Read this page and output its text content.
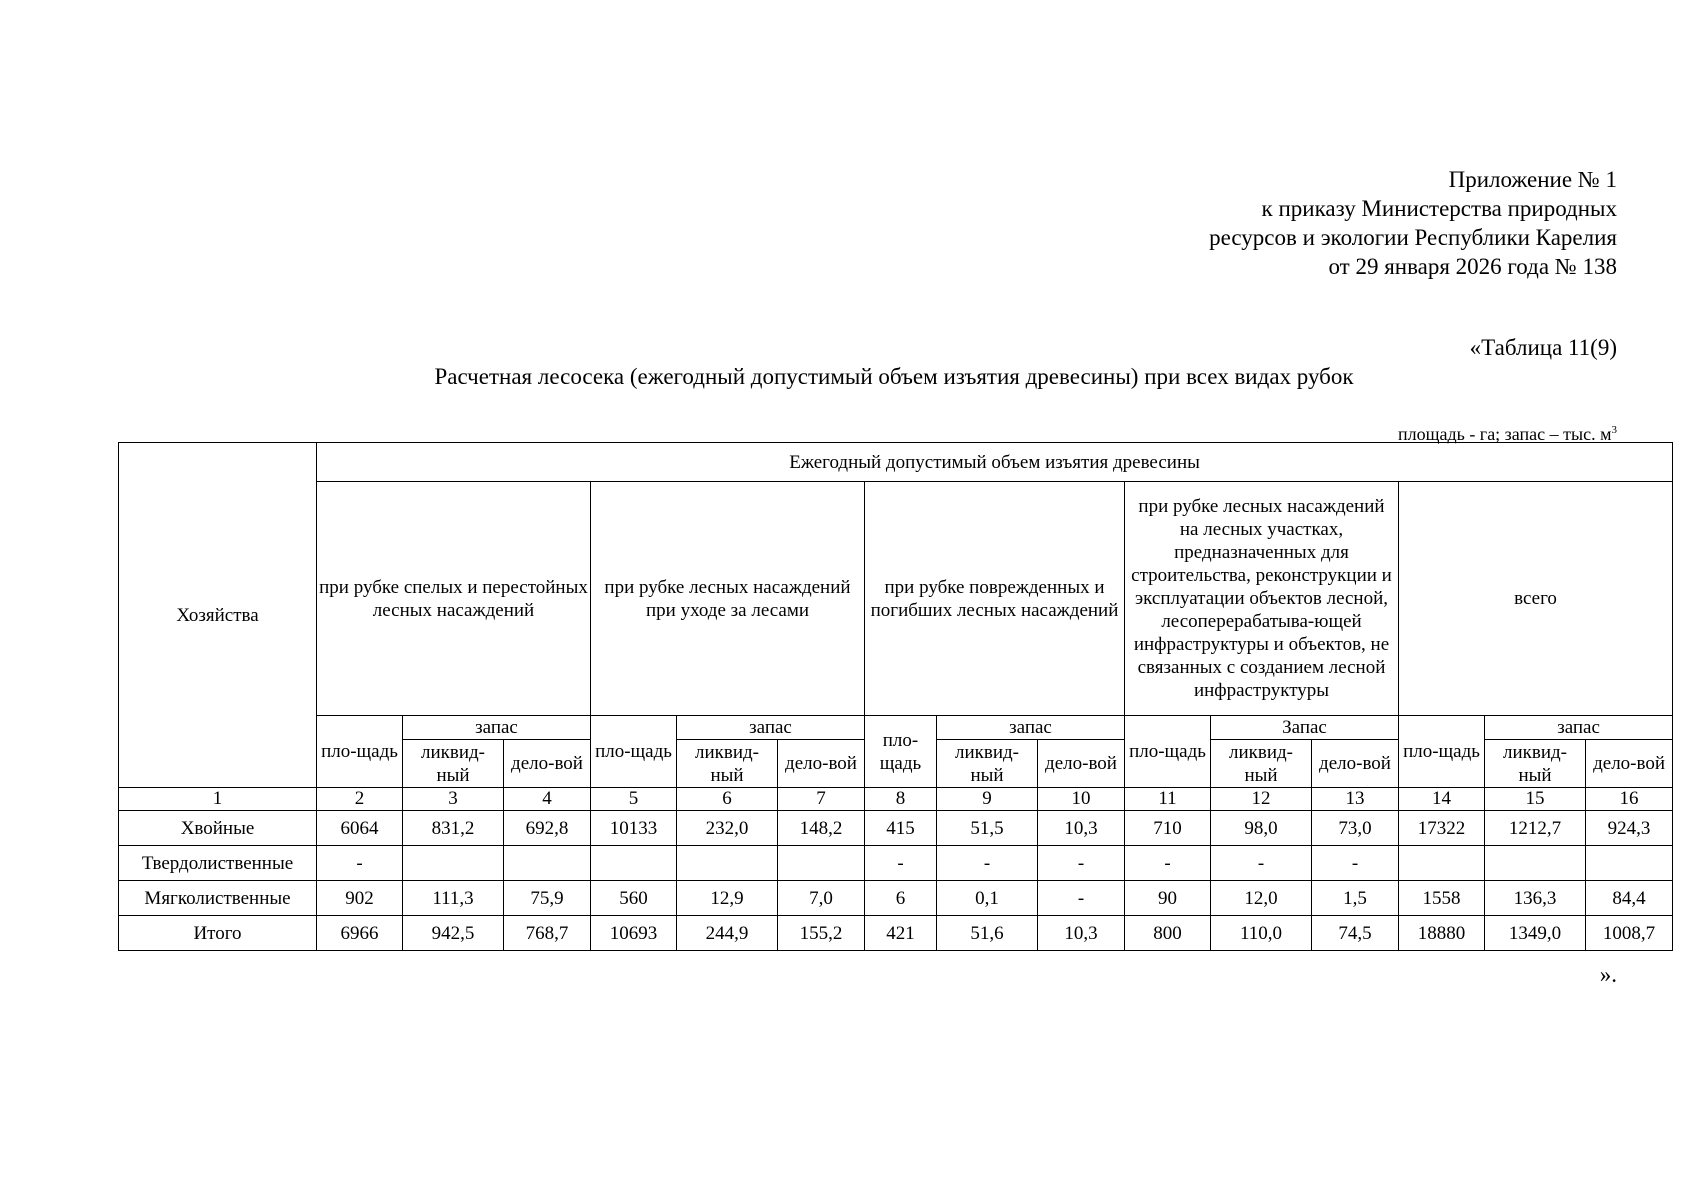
Приложение № 1
к приказу Министерства природных
ресурсов и экологии Республики Карелия
от 29 января 2026 года № 138
«Таблица 11(9)
Расчетная лесосека (ежегодный допустимый объем изъятия древесины) при всех видах рубок
площадь - га; запас – тыс. $м^3$
Хозяйства	Ежегодный допустимый объем изъятия древесины														
	при рубке спелых и перестойных лесных насаждений			при рубке лесных насаждений при уходе за лесами			при рубке поврежденных и погибших лесных насаждений			при рубке лесных насаждений на лесных участках, предназначенных для строительства, реконструкции и эксплуатации объектов лесной, лесоперерабатыва-ющей инфраструктуры и объектов, не связанных с созданием лесной инфраструктуры			всего		
	пло-щадь	запас		пло-щадь	запас		пло-щадь	запас		пло-щадь	Запас		пло-щадь	запас	
		ликвид-ный	дело-вой		ликвид-ный	дело-вой		ликвид-ный	дело-вой		ликвид-ный	дело-вой		ликвид-ный	дело-вой
1	2	3	4	5	6	7	8	9	10	11	12	13	14	15	16
Хвойные	6064	831,2	692,8	10133	232,0	148,2	415	51,5	10,3	710	98,0	73,0	17322	1212,7	924,3
Твердолиственные	-						-	-	-	-	-	-			
Мягколиственные	902	111,3	75,9	560	12,9	7,0	6	0,1	-	90	12,0	1,5	1558	136,3	84,4
Итого	6966	942,5	768,7	10693	244,9	155,2	421	51,6	10,3	800	110,0	74,5	18880	1349,0	1008,7
».
